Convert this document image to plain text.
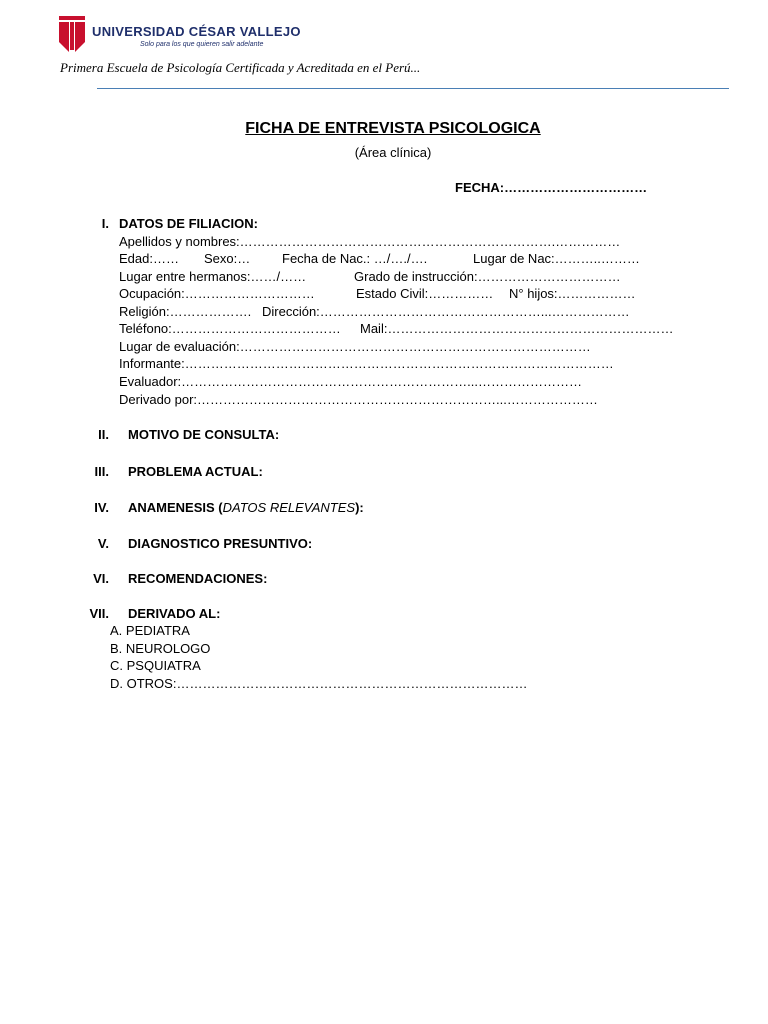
UNIVERSIDAD CÉSAR VALLEJO
Solo para los que quieren salir adelante
Primera Escuela de Psicología Certificada y Acreditada en el Perú...
FICHA DE ENTREVISTA PSICOLOGICA
(Área clínica)
FECHA:……………………………
I. DATOS DE FILIACION:
Apellidos y nombres:……………………………………………………………….……………
Edad:…… Sexo:… Fecha de Nac.: …/…./….	Lugar de Nac:………..………
Lugar entre hermanos:……/……	Grado de instrucción:……………………………
Ocupación:…………………………	Estado Civil:…………… N° hijos:………………
Religión:………………. Dirección:……………………………………………...………………
Teléfono:………………………………… Mail:…………………………………………………………
Lugar de evaluación:………………………………………………………………………
Informante:………………………………………………………………………………………
Evaluador:…………………………………………………………...……………………
Derivado por:……………………………………………………………...…………………
II. MOTIVO DE CONSULTA:
III. PROBLEMA ACTUAL:
IV. ANAMENESIS (DATOS RELEVANTES):
V. DIAGNOSTICO PRESUNTIVO:
VI. RECOMENDACIONES:
VII. DERIVADO AL:
A. PEDIATRA
B. NEUROLOGO
C. PSQUIATRA
D. OTROS:………………………………………………………………………
